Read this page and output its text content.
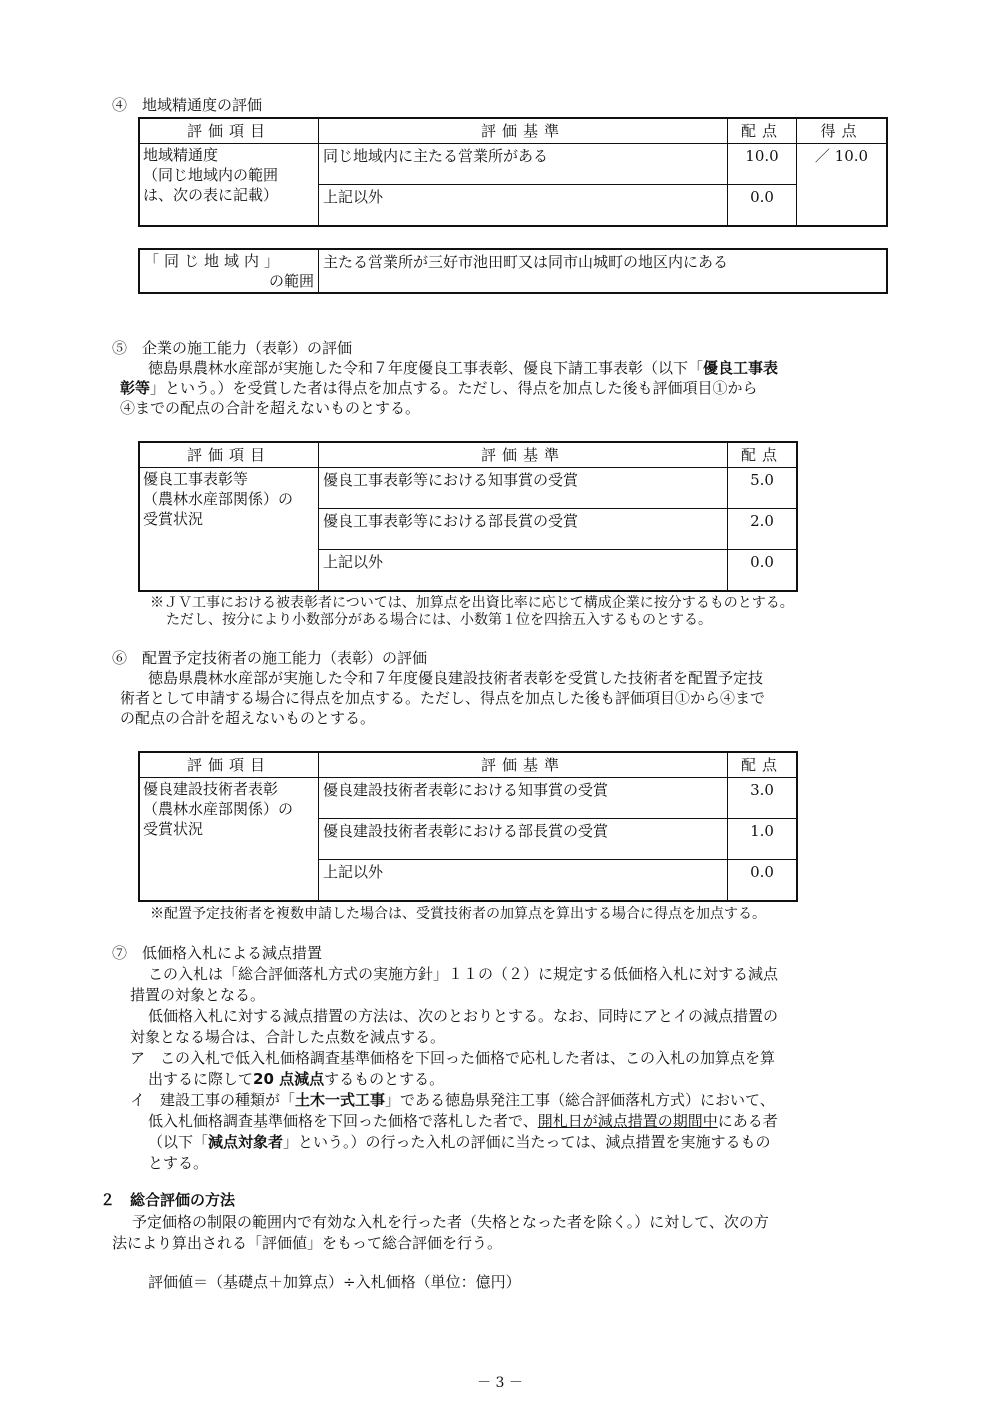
④　地域精通度の評価
評価項目	評価基準	配点	得点

地域精通度
（同じ地域内の範囲
は、次の表に記載）	同じ地域内に主たる営業所がある	10.0	／ 10.0
	上記以外	0.0	
「同じ地域内」
の範囲
	主たる営業所が三好市池田町又は同市山城町の地区内にある
⑤　企業の施工能力（表彰）の評価
徳島県農林水産部が実施した令和７年度優良工事表彰、優良下請工事表彰（以下「優良工事表
彰等」という。）を受賞した者は得点を加点する。ただし、得点を加点した後も評価項目①から
④までの配点の合計を超えないものとする。
評価項目	評価基準	配点

優良工事表彰等
（農林水産部関係）の
受賞状況	優良工事表彰等における知事賞の受賞	5.0
	優良工事表彰等における部長賞の受賞	2.0
	上記以外	0.0
※ＪＶ工事における被表彰者については、加算点を出資比率に応じて構成企業に按分するものとする。
ただし、按分により小数部分がある場合には、小数第１位を四捨五入するものとする。
⑥　配置予定技術者の施工能力（表彰）の評価
徳島県農林水産部が実施した令和７年度優良建設技術者表彰を受賞した技術者を配置予定技
術者として申請する場合に得点を加点する。ただし、得点を加点した後も評価項目①から④まで
の配点の合計を超えないものとする。
評価項目	評価基準	配点

優良建設技術者表彰
（農林水産部関係）の
受賞状況	優良建設技術者表彰における知事賞の受賞	3.0
	優良建設技術者表彰における部長賞の受賞	1.0
	上記以外	0.0
※配置予定技術者を複数申請した場合は、受賞技術者の加算点を算出する場合に得点を加点する。
⑦　低価格入札による減点措置
この入札は「総合評価落札方式の実施方針」１１の（２）に規定する低価格入札に対する減点
措置の対象となる。
低価格入札に対する減点措置の方法は、次のとおりとする。なお、同時にアとイの減点措置の
対象となる場合は、合計した点数を減点する。
ア　この入札で低入札価格調査基準価格を下回った価格で応札した者は、この入札の加算点を算
出するに際して20 点減点するものとする。
イ　建設工事の種類が「土木一式工事」である徳島県発注工事（総合評価落札方式）において、
低入札価格調査基準価格を下回った価格で落札した者で、開札日が減点措置の期間中にある者
（以下「減点対象者」という。）の行った入札の評価に当たっては、減点措置を実施するもの
とする。
２　総合評価の方法
予定価格の制限の範囲内で有効な入札を行った者（失格となった者を除く。）に対して、次の方
法により算出される「評価値」をもって総合評価を行う。
評価値＝（基礎点＋加算点）÷入札価格（単位：億円）
－ 3 －
